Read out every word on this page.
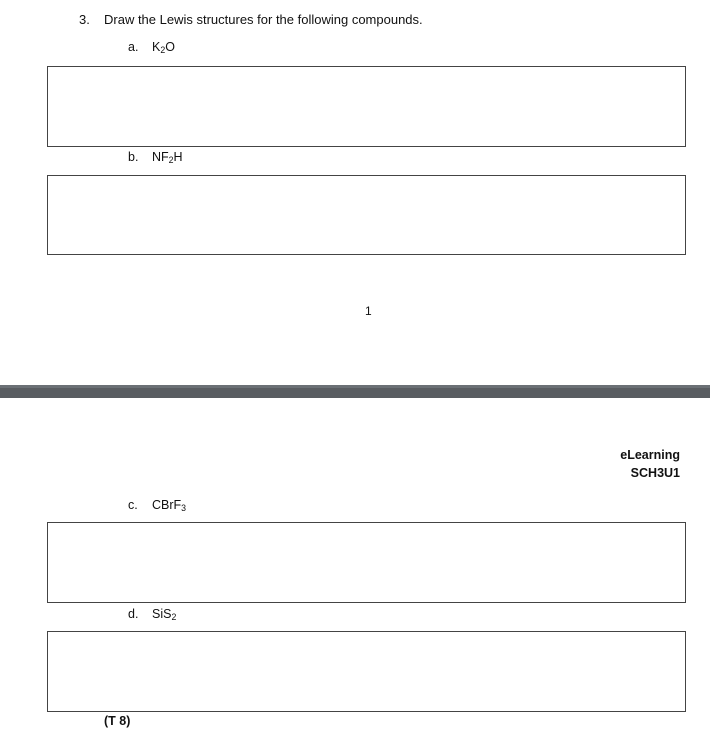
3. Draw the Lewis structures for the following compounds.
a. $K_2O$
b. $NF_2H$
1
eLearning
SCH3U1
c. CBrF$_3$
d. SiS$_2$
(T 8)
